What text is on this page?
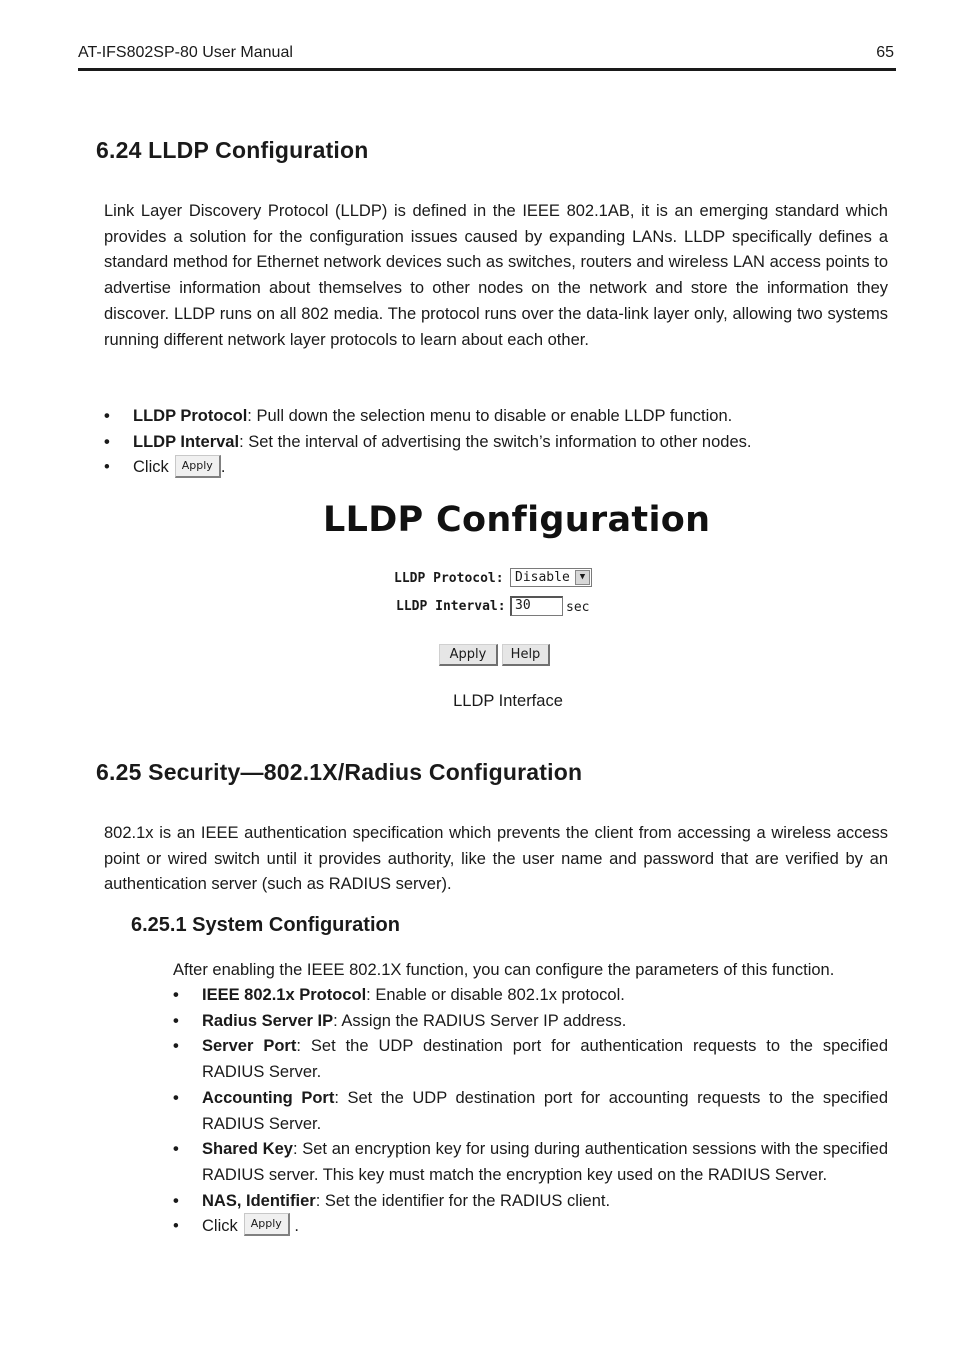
AT-IFS802SP-80 User Manual	65
6.24 LLDP Configuration

Link Layer Discovery Protocol (LLDP) is defined in the IEEE 802.1AB, it is an emerging standard which provides a solution for the configuration issues caused by expanding LANs. LLDP specifically defines a standard method for Ethernet network devices such as switches, routers and wireless LAN access points to advertise information about themselves to other nodes on the network and store the information they discover. LLDP runs on all 802 media. The protocol runs over the data-link layer only, allowing two systems running different network layer protocols to learn about each other.

• LLDP Protocol: Pull down the selection menu to disable or enable LLDP function.
• LLDP Interval: Set the interval of advertising the switch’s information to other nodes.
• Click Apply .
LLDP Configuration
LLDP Protocol: Disable	▼
LLDP Interval: 30	sec
Apply	Help
LLDP Interface
6.25 Security—802.1X/Radius Configuration

802.1x is an IEEE authentication specification which prevents the client from accessing a wireless access point or wired switch until it provides authority, like the user name and password that are verified by an authentication server (such as RADIUS server).

6.25.1 System Configuration

After enabling the IEEE 802.1X function, you can configure the parameters of this function.

• IEEE 802.1x Protocol: Enable or disable 802.1x protocol.
• Radius Server IP: Assign the RADIUS Server IP address.
• Server Port: Set the UDP destination port for authentication requests to the specified RADIUS Server.
• Accounting Port: Set the UDP destination port for accounting requests to the specified RADIUS Server.
• Shared Key: Set an encryption key for using during authentication sessions with the specified RADIUS server. This key must match the encryption key used on the RADIUS Server.
• NAS, Identifier: Set the identifier for the RADIUS client.
• Click Apply .
